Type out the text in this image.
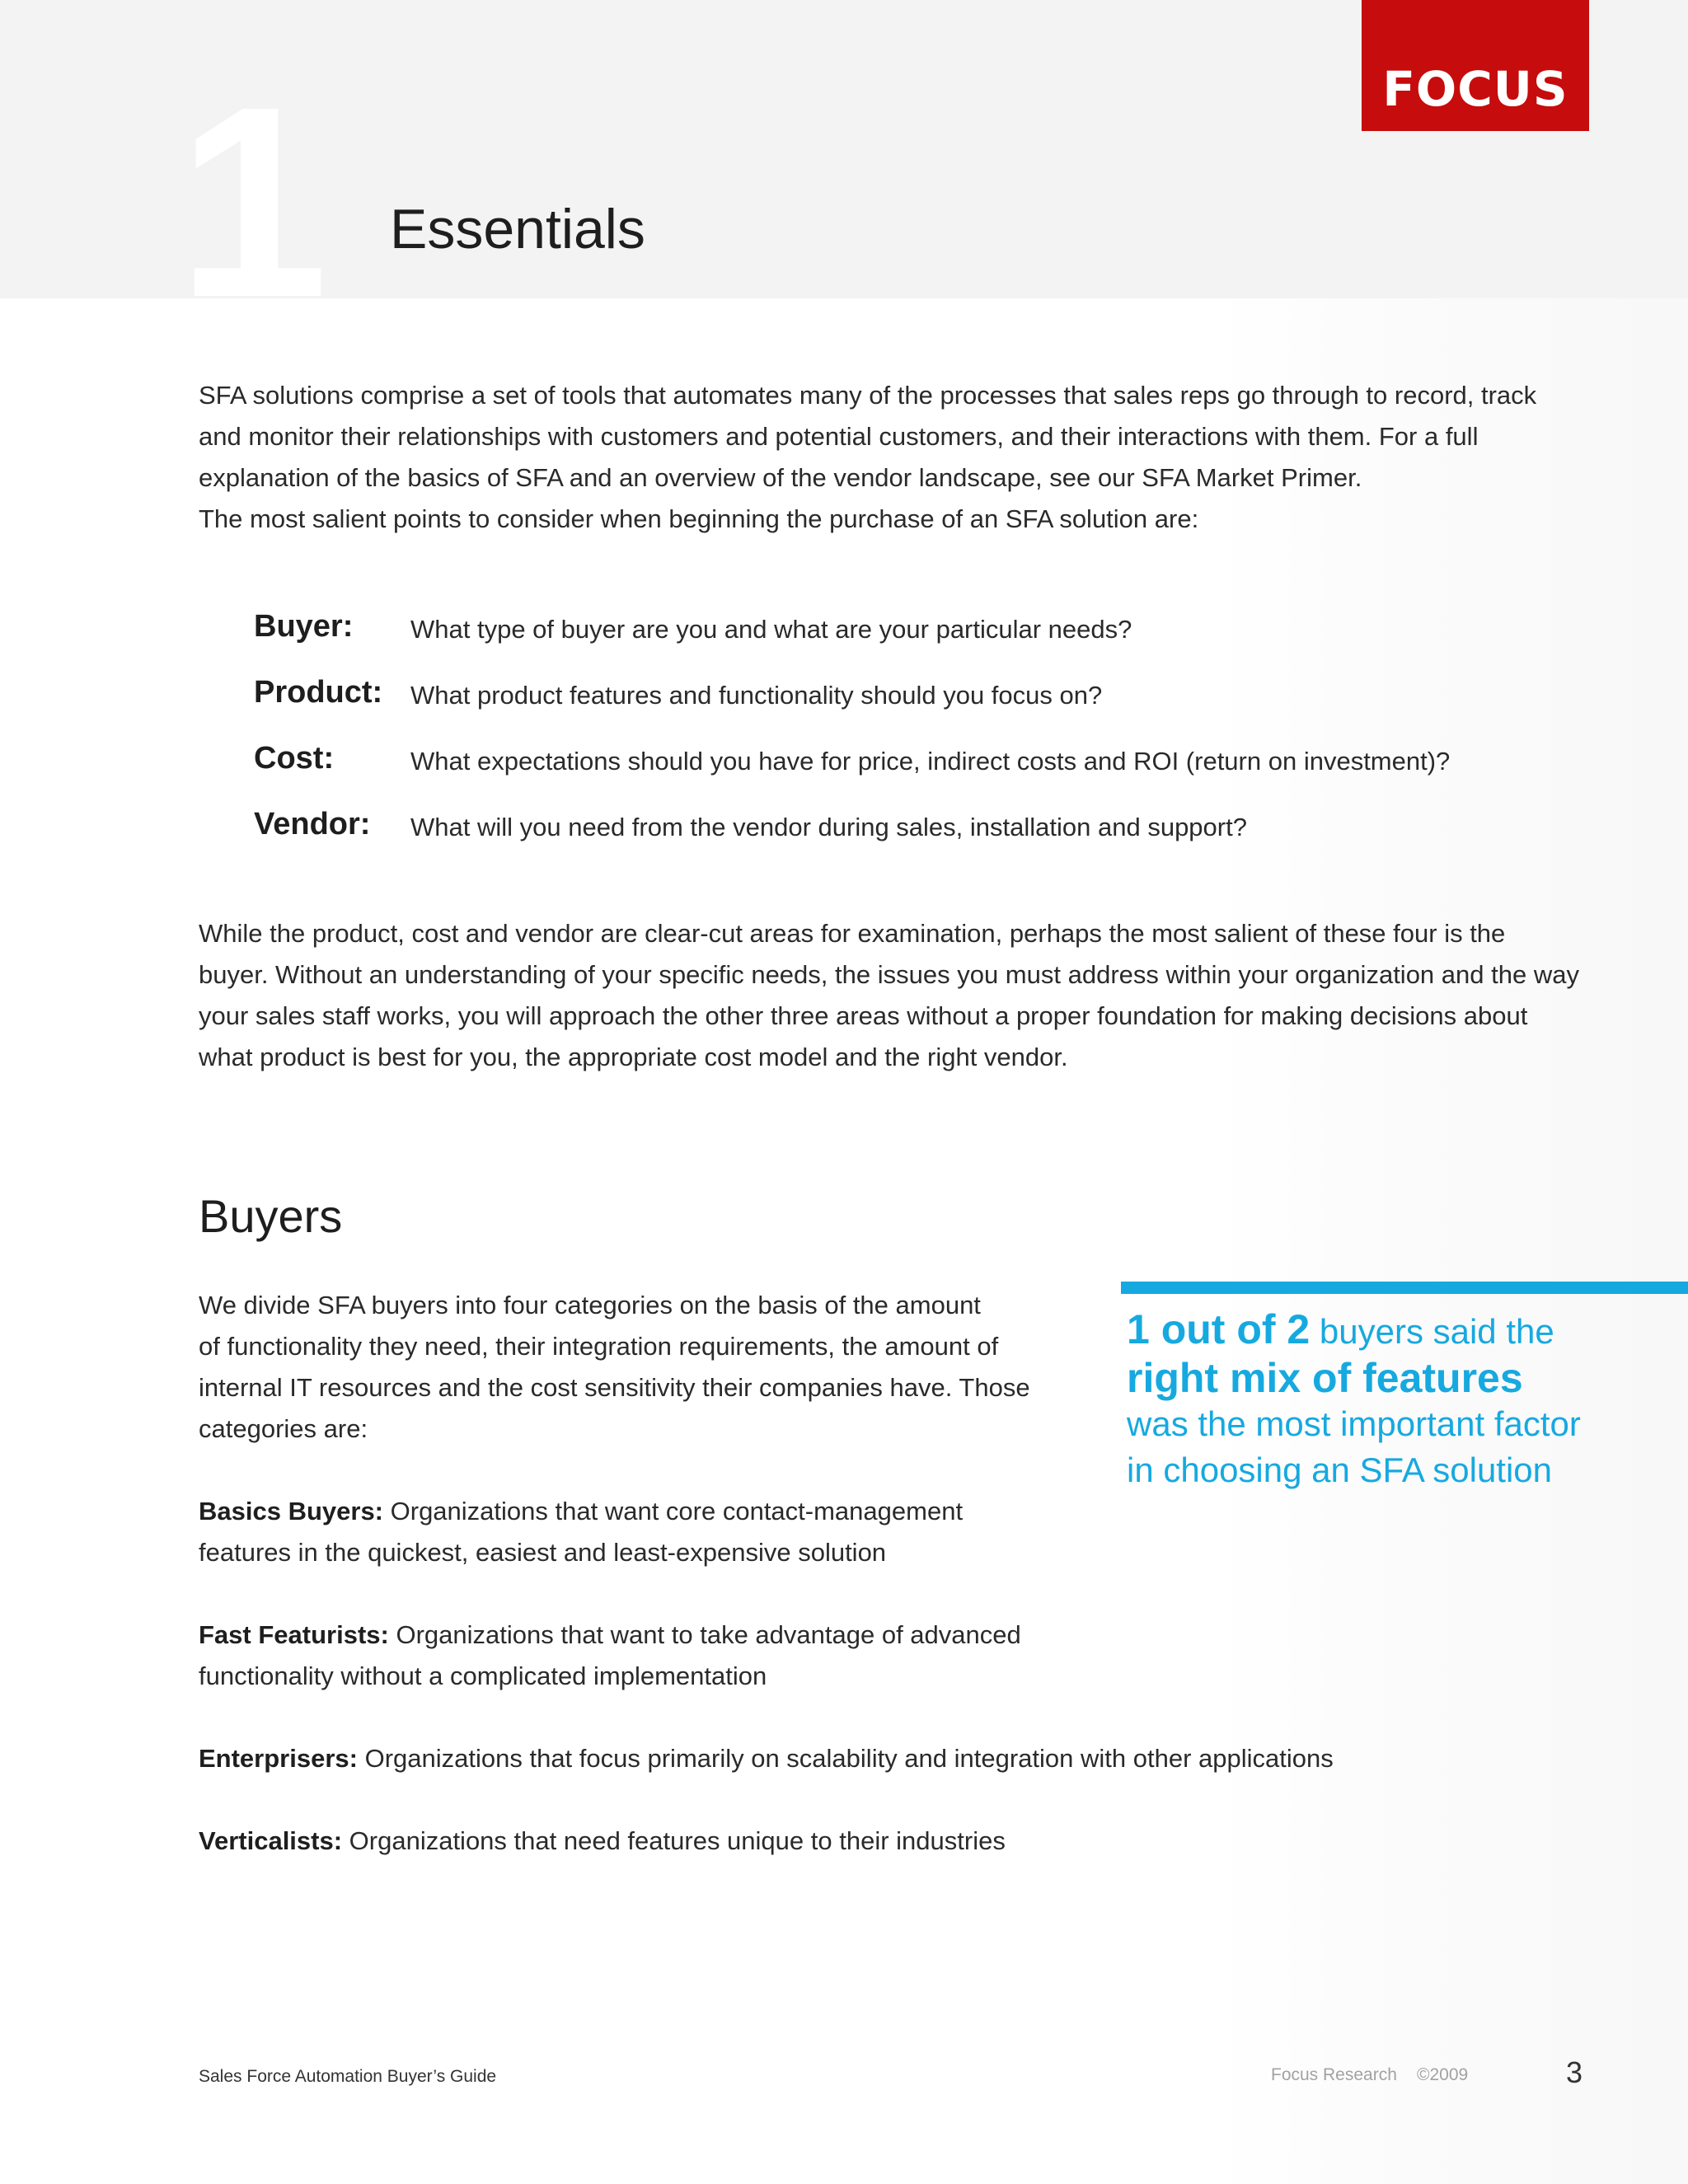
1 Essentials
FOCUS

SFA solutions comprise a set of tools that automates many of the processes that sales reps go through to record, track

and monitor their relationships with customers and potential customers, and their interactions with them. For a full

explanation of the basics of SFA and an overview of the vendor landscape, see our SFA Market Primer.

The most salient points to consider when beginning the purchase of an SFA solution are:

Buyer: What type of buyer are you and what are your particular needs?
Product: What product features and functionality should you focus on?
Cost:	What expectations should you have for price, indirect costs and ROI (return on investment)?
Vendor: What will you need from the vendor during sales, installation and support?

While the product, cost and vendor are clear-cut areas for examination, perhaps the most salient of these four is the

buyer. Without an understanding of your specific needs, the issues you must address within your organization and the way

your sales staff works, you will approach the other three areas without a proper foundation for making decisions about

what product is best for you, the appropriate cost model and the right vendor.

Buyers
We divide SFA buyers into four categories on the basis of the amount
of functionality they need, their integration requirements, the amount of
internal IT resources and the cost sensitivity their companies have. Those
categories are:
Basics Buyers: Organizations that want core contact-management
features in the quickest, easiest and least-expensive solution
Fast Featurists: Organizations that want to take advantage of advanced
functionality without a complicated implementation
Enterprisers: Organizations that focus primarily on scalability and integration with other applications
Verticalists: Organizations that need features unique to their industries
1 out of 2 buyers said the
right mix of features
was the most important factor
in choosing an SFA solution
Sales Force Automation Buyer’s Guide	Focus Research ©2009	3
